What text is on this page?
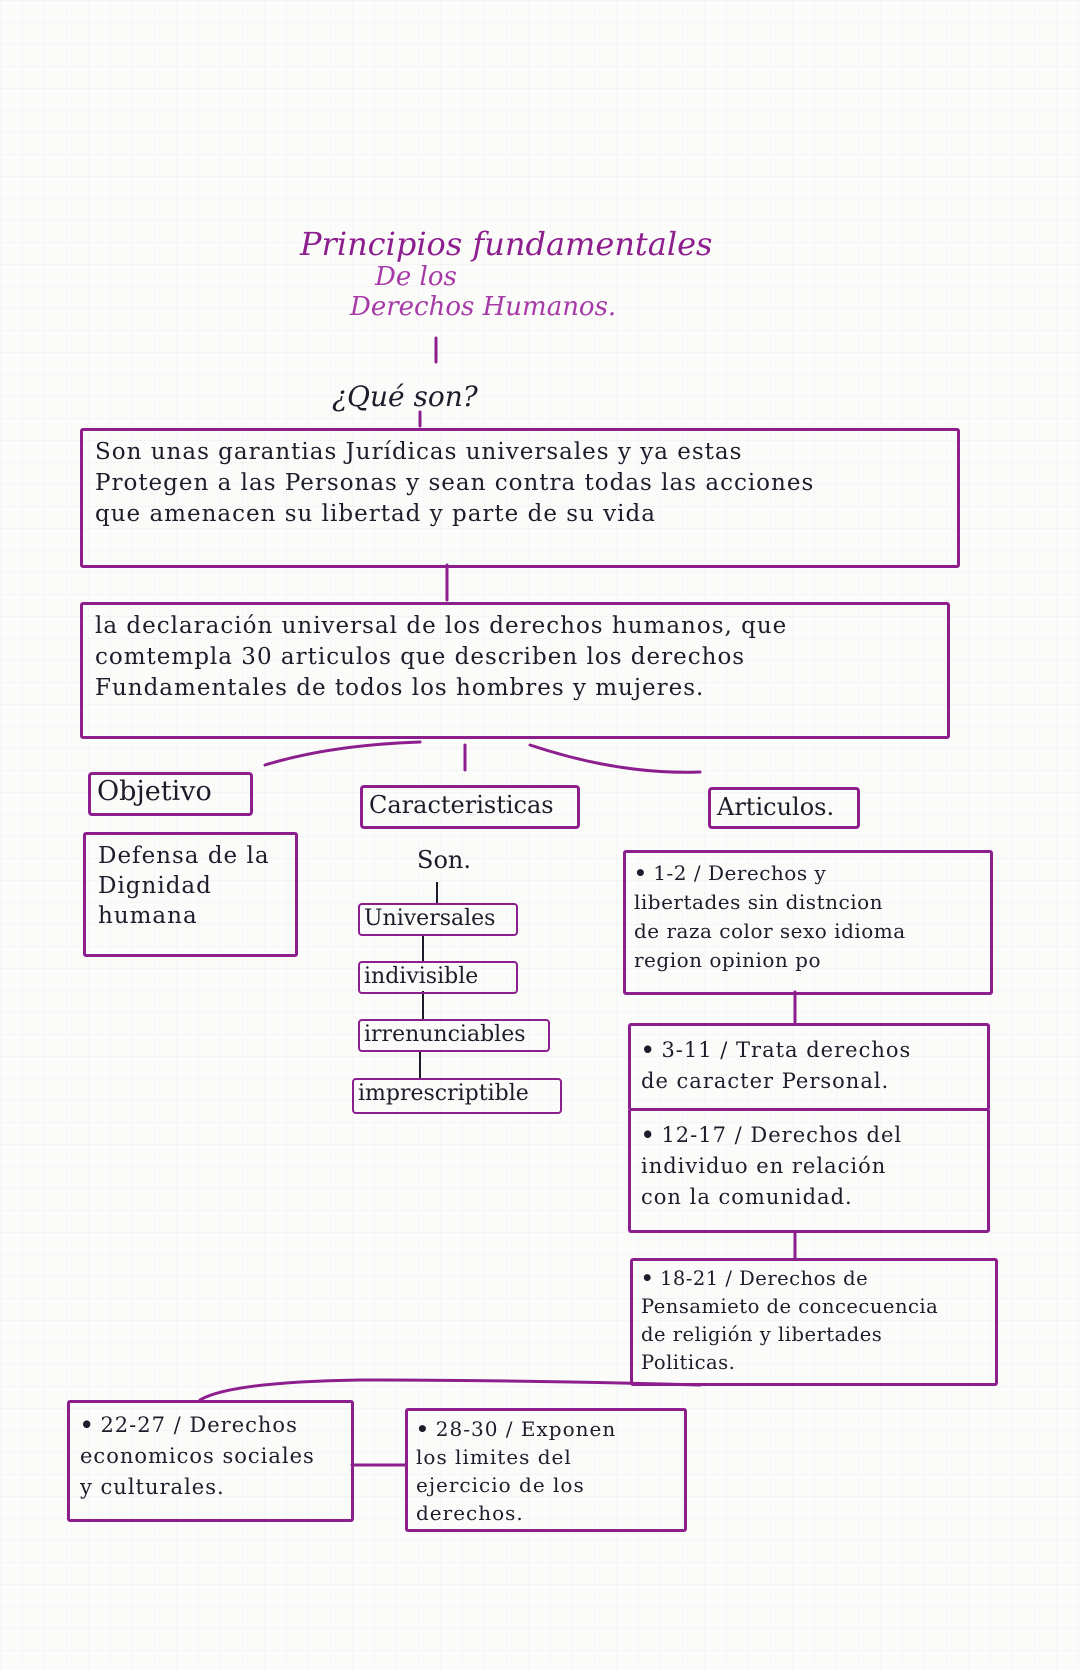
Principios fundamentales
De los
Derechos Humanos.
¿Qué son?

Son unas garantias Jurídicas universales y ya estas

Protegen a las Personas y sean contra todas las acciones

que amenacen su libertad y parte de su vida

la declaración universal de los derechos humanos, que

comtempla 30 articulos que describen los derechos

Fundamentales de todos los hombres y mujeres.

Objetivo

Defensa de la

Dignidad

humana

Caracteristicas
Son.
Universales
indivisible
irrenunciables
imprescriptible
Articulos.

• 1-2 / Derechos y

libertades sin distncion

de raza color sexo idioma

region opinion po

• 3-11 / Trata derechos

de caracter Personal.

• 12-17 / Derechos del

individuo en relación

con la comunidad.

• 18-21 / Derechos de

Pensamieto de concecuencia

de religión y libertades

Politicas.

• 22-27 / Derechos

economicos sociales

y culturales.

• 28-30 / Exponen

los limites del

ejercicio de los

derechos.
